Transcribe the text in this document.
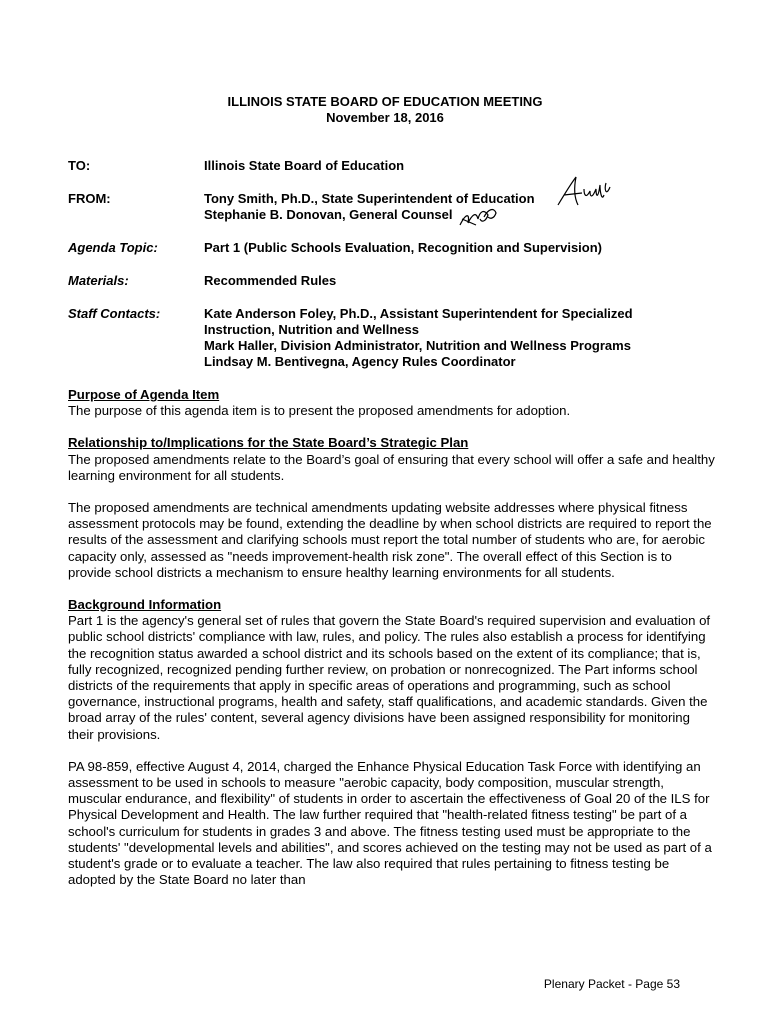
ILLINOIS STATE BOARD OF EDUCATION MEETING
November 18, 2016
TO:	Illinois State Board of Education
FROM:	Tony Smith, Ph.D., State Superintendent of Education
Stephanie B. Donovan, General Counsel
Agenda Topic:	Part 1 (Public Schools Evaluation, Recognition and Supervision)
Materials:	Recommended Rules
Staff Contacts:	Kate Anderson Foley, Ph.D., Assistant Superintendent for Specialized
Instruction, Nutrition and Wellness
Mark Haller, Division Administrator, Nutrition and Wellness Programs
Lindsay M. Bentivegna, Agency Rules Coordinator
Purpose of Agenda Item
The purpose of this agenda item is to present the proposed amendments for adoption.
Relationship to/Implications for the State Board’s Strategic Plan
The proposed amendments relate to the Board’s goal of ensuring that every school will offer a safe and healthy learning environment for all students.
The proposed amendments are technical amendments updating website addresses where physical fitness assessment protocols may be found, extending the deadline by when school districts are required to report the results of the assessment and clarifying schools must report the total number of students who are, for aerobic capacity only, assessed as "needs improvement-health risk zone". The overall effect of this Section is to provide school districts a mechanism to ensure healthy learning environments for all students.
Background Information
Part 1 is the agency's general set of rules that govern the State Board's required supervision and evaluation of public school districts' compliance with law, rules, and policy. The rules also establish a process for identifying the recognition status awarded a school district and its schools based on the extent of its compliance; that is, fully recognized, recognized pending further review, on probation or nonrecognized. The Part informs school districts of the requirements that apply in specific areas of operations and programming, such as school governance, instructional programs, health and safety, staff qualifications, and academic standards. Given the broad array of the rules' content, several agency divisions have been assigned responsibility for monitoring their provisions.
PA 98-859, effective August 4, 2014, charged the Enhance Physical Education Task Force with identifying an assessment to be used in schools to measure "aerobic capacity, body composition, muscular strength, muscular endurance, and flexibility" of students in order to ascertain the effectiveness of Goal 20 of the ILS for Physical Development and Health. The law further required that "health-related fitness testing" be part of a school's curriculum for students in grades 3 and above. The fitness testing used must be appropriate to the students' "developmental levels and abilities", and scores achieved on the testing may not be used as part of a student's grade or to evaluate a teacher. The law also required that rules pertaining to fitness testing be adopted by the State Board no later than
Plenary Packet - Page 53
